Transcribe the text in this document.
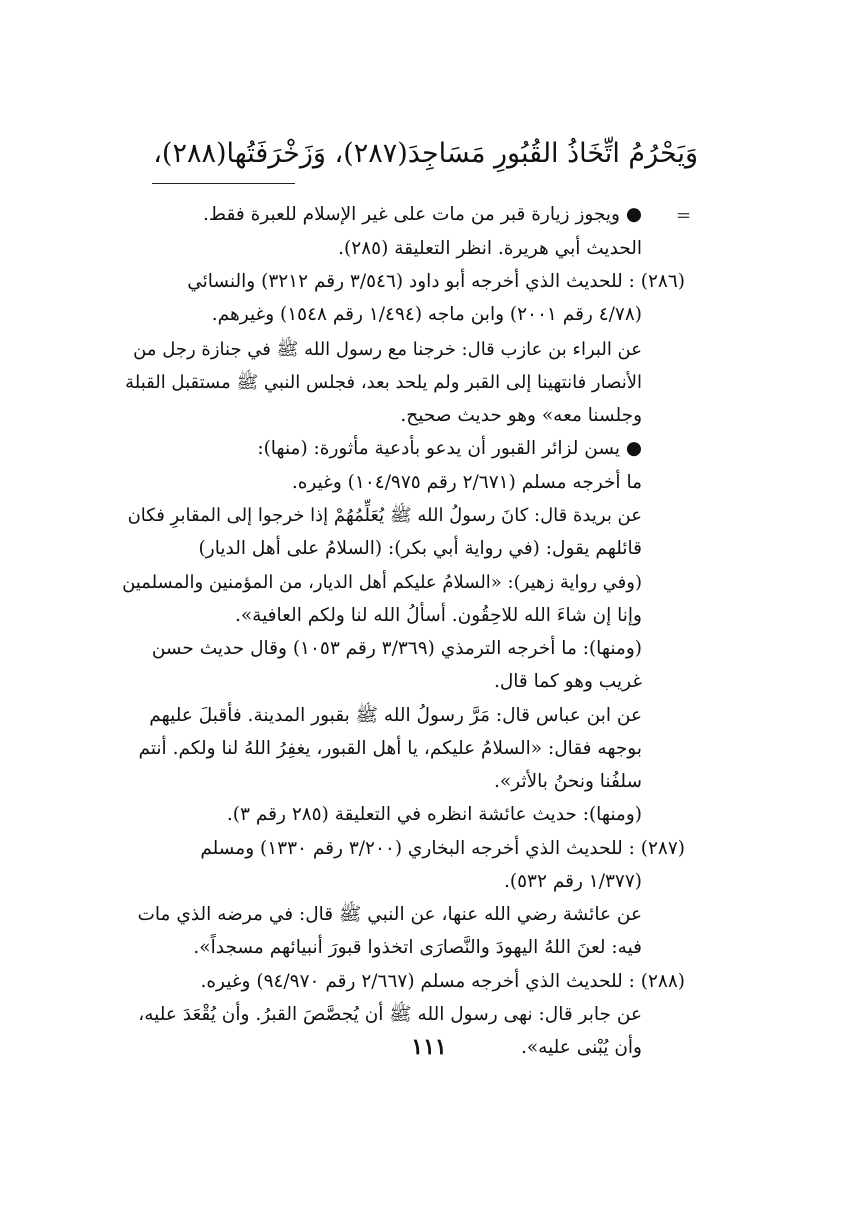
وَيَحْرُمُ اتِّخَاذُ القُبُورِ مَسَاجِدَ(٢٨٧)، وَزَخْرَفَتُها(٢٨٨)،
=
● ويجوز زيارة قبر من مات على غير الإسلام للعبرة فقط.
الحديث أبي هريرة. انظر التعليقة (٢٨٥).
(٢٨٦) : للحديث الذي أخرجه أبو داود (٣/٥٤٦ رقم ٣٢١٢) والنسائي
(٤/٧٨ رقم ٢٠٠١) وابن ماجه (١/٤٩٤ رقم ١٥٤٨) وغيرهم.
عن البراء بن عازب قال: خرجنا مع رسول الله ﷺ في جنازة رجل من
الأنصار فانتهينا إلى القبر ولم يلحد بعد، فجلس النبي ﷺ مستقبل القبلة
وجلسنا معه» وهو حديث صحيح.
● يسن لزائر القبور أن يدعو بأدعية مأثورة: (منها):
ما أخرجه مسلم (٢/٦٧١ رقم ١٠٤/٩٧٥) وغيره.
عن بريدة قال: كانَ رسولُ الله ﷺ يُعَلِّمُهُمْ إذا خرجوا إلى المقابرِ فكان
قائلهم يقول: (في رواية أبي بكر): (السلامُ على أهل الديار)
(وفي رواية زهير): «السلامُ عليكم أهل الديار، من المؤمنين والمسلمين
وإنا إن شاءَ الله للاحِقُون. أسألُ الله لنا ولكم العافية».
(ومنها): ما أخرجه الترمذي (٣/٣٦٩ رقم ١٠٥٣) وقال حديث حسن
غريب وهو كما قال.
عن ابن عباس قال: مَرَّ رسولُ الله ﷺ بقبور المدينة. فأقبلَ عليهم
بوجهه فقال: «السلامُ عليكم، يا أهل القبور، يغفِرُ اللهُ لنا ولكم. أنتم
سلفُنا ونحنُ بالأثر».
(ومنها): حديث عائشة انظره في التعليقة (٢٨٥ رقم ٣).
(٢٨٧) : للحديث الذي أخرجه البخاري (٣/٢٠٠ رقم ١٣٣٠) ومسلم
(١/٣٧٧ رقم ٥٣٢).
عن عائشة رضي الله عنها، عن النبي ﷺ قال: في مرضه الذي مات
فيه: لعنَ اللهُ اليهودَ والنَّصارَى اتخذوا قبورَ أنبيائهم مسجداً».
(٢٨٨) : للحديث الذي أخرجه مسلم (٢/٦٦٧ رقم ٩٤/٩٧٠) وغيره.
عن جابر قال: نهى رسول الله ﷺ أن يُجصَّصَ القبرُ. وأن يُقْعَدَ عليه،
وأن يُبْنى عليه».
١١١
